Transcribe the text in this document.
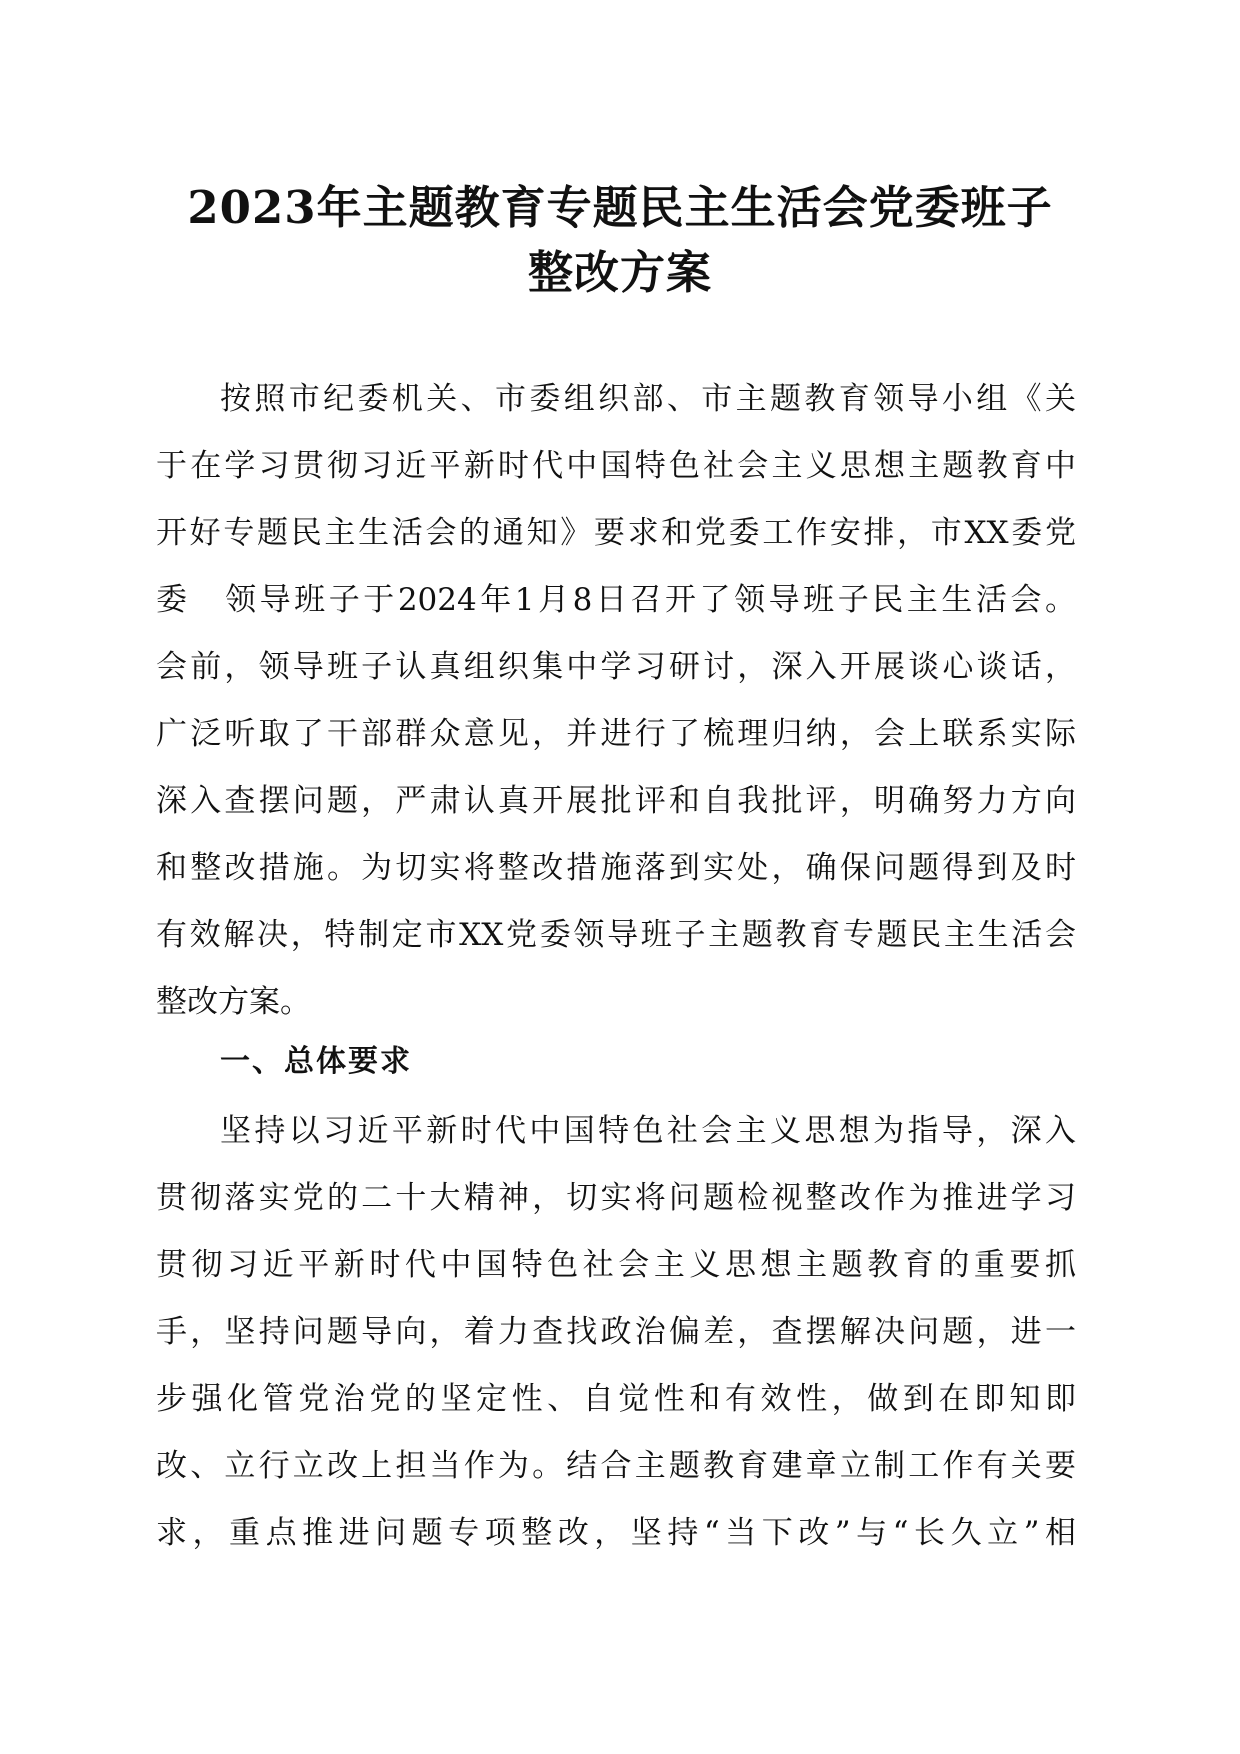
2023年主题教育专题民主生活会党委班子
整改方案
按照市纪委机关、市委组织部、市主题教育领导小组《关
于在学习贯彻习近平新时代中国特色社会主义思想主题教育中
开好专题民主生活会的通知》要求和党委工作安排，市XX委党
委　领导班子于2024年1月8日召开了领导班子民主生活会。
会前，领导班子认真组织集中学习研讨，深入开展谈心谈话，
广泛听取了干部群众意见，并进行了梳理归纳，会上联系实际
深入查摆问题，严肃认真开展批评和自我批评，明确努力方向
和整改措施。为切实将整改措施落到实处，确保问题得到及时
有效解决，特制定市XX党委领导班子主题教育专题民主生活会
整改方案。
一、总体要求
坚持以习近平新时代中国特色社会主义思想为指导，深入
贯彻落实党的二十大精神，切实将问题检视整改作为推进学习
贯彻习近平新时代中国特色社会主义思想主题教育的重要抓
手，坚持问题导向，着力查找政治偏差，查摆解决问题，进一
步强化管党治党的坚定性、自觉性和有效性，做到在即知即
改、立行立改上担当作为。结合主题教育建章立制工作有关要
求，重点推进问题专项整改，坚持“当下改”与“长久立”相
